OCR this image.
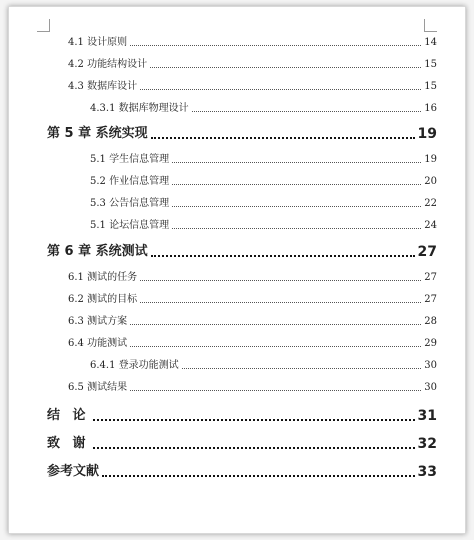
4.1 设计原则	14
4.2 功能结构设计	15
4.3 数据库设计	15
4.3.1 数据库物理设计	16
第 5 章 系统实现	19
5.1 学生信息管理	19
5.2 作业信息管理	20
5.3 公告信息管理	22
5.1 论坛信息管理	24
第 6 章 系统测试	27
6.1 测试的任务	27
6.2 测试的目标	27
6.3 测试方案	28
6.4 功能测试	29
6.4.1 登录功能测试	30
6.5 测试结果	30
结 论	31
致 谢	32
参考文献	33
